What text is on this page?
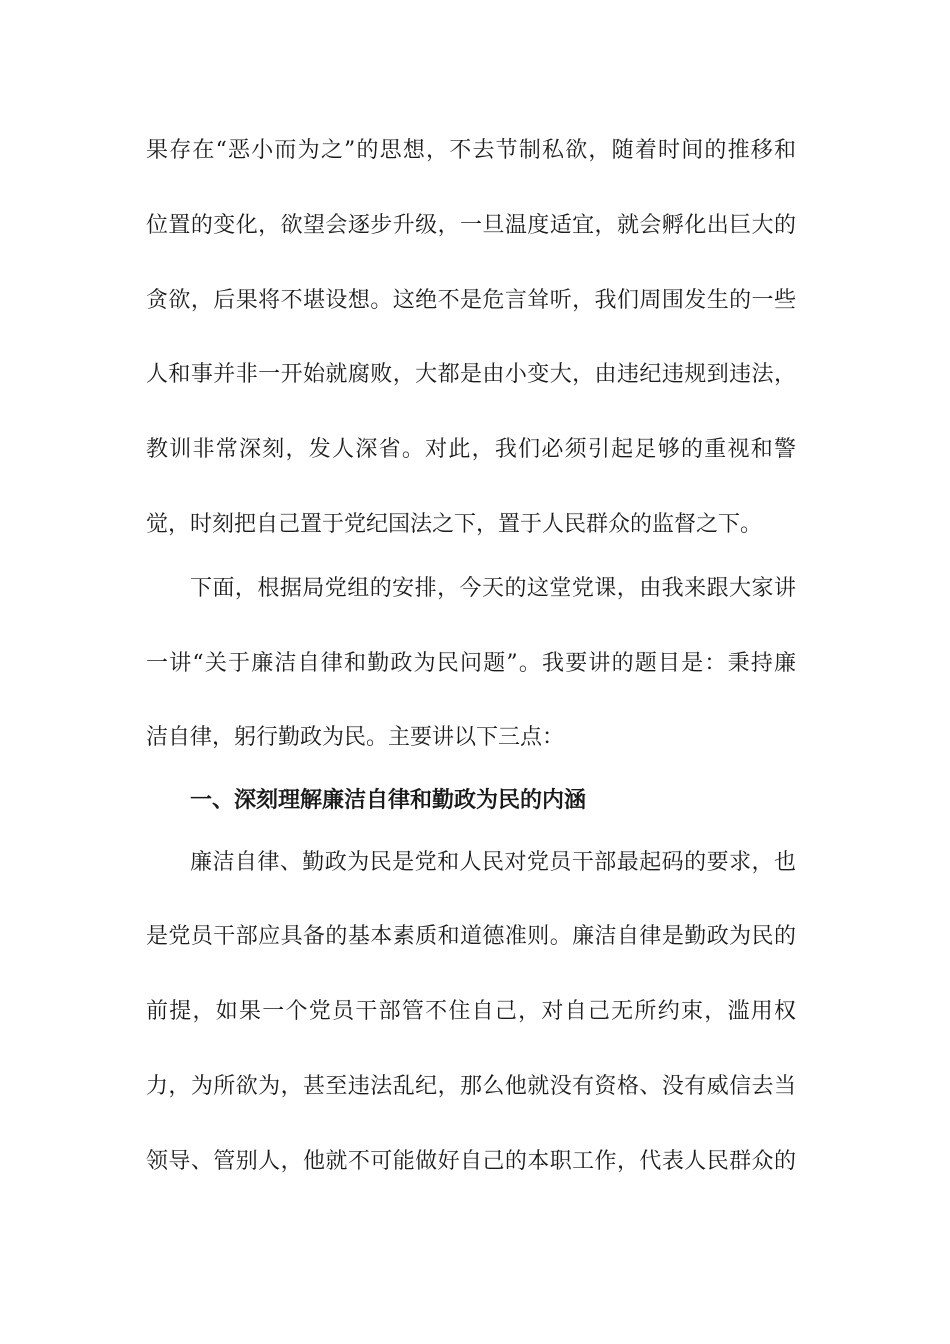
果存在“恶小而为之”的思想，不去节制私欲，随着时间的推移和
位置的变化，欲望会逐步升级，一旦温度适宜，就会孵化出巨大的
贪欲，后果将不堪设想。这绝不是危言耸听，我们周围发生的一些
人和事并非一开始就腐败，大都是由小变大，由违纪违规到违法，
教训非常深刻，发人深省。对此，我们必须引起足够的重视和警
觉，时刻把自己置于党纪国法之下，置于人民群众的监督之下。
下面，根据局党组的安排，今天的这堂党课，由我来跟大家讲
一讲“关于廉洁自律和勤政为民问题”。我要讲的题目是：秉持廉
洁自律，躬行勤政为民。主要讲以下三点：
一、深刻理解廉洁自律和勤政为民的内涵
廉洁自律、勤政为民是党和人民对党员干部最起码的要求，也
是党员干部应具备的基本素质和道德准则。廉洁自律是勤政为民的
前提，如果一个党员干部管不住自己，对自己无所约束，滥用权
力，为所欲为，甚至违法乱纪，那么他就没有资格、没有威信去当
领导、管别人，他就不可能做好自己的本职工作，代表人民群众的
